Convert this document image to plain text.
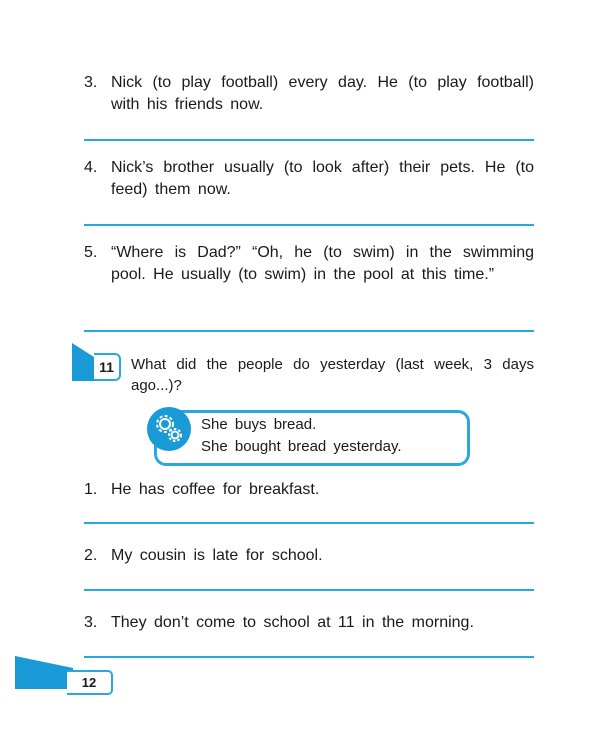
3. Nick (to play football) every day. He (to play football) with his friends now.
4. Nick’s brother usually (to look after) their pets. He (to feed) them now.
5. “Where is Dad?” “Oh, he (to swim) in the swimming pool. He usually (to swim) in the pool at this time.”
11	What did the people do yesterday (last week, 3 days ago...)?
She buys bread.
She bought bread yesterday.
1. He has coffee for breakfast.
2. My cousin is late for school.
3. They don’t come to school at 11 in the morning.
12
